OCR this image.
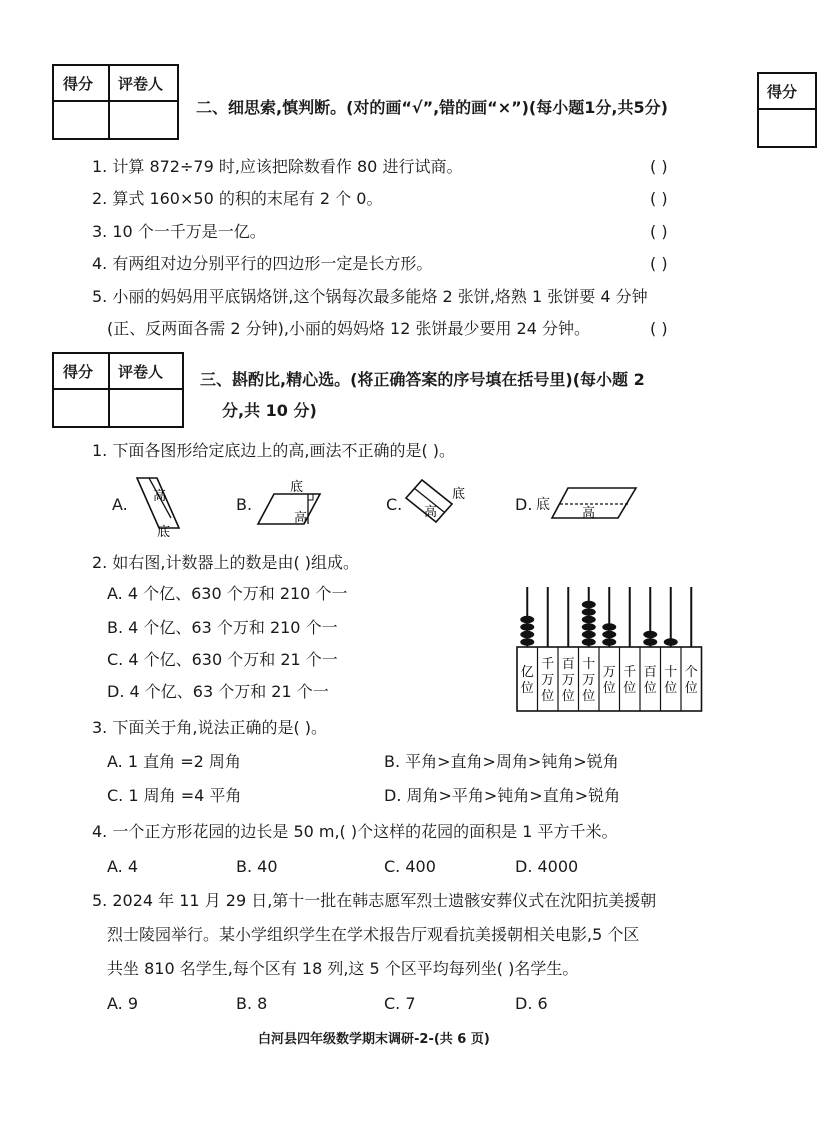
得分 评卷人	得分
二、细思索,慎判断。(对的画“√”,错的画“×”)(每小题1分,共5分)
1. 计算 872÷79 时,应该把除数看作 80 进行试商。	( )
2. 算式 160×50 的积的末尾有 2 个 0。	( )
3. 10 个一千万是一亿。	( )
4. 有两组对边分别平行的四边形一定是长方形。	( )
5. 小丽的妈妈用平底锅烙饼,这个锅每次最多能烙 2 张饼,烙熟 1 张饼要 4 分钟
(正、反两面各需 2 分钟),小丽的妈妈烙 12 张饼最少要用 24 分钟。	( )
得分 评卷人 三、斟酌比,精心选。(将正确答案的序号填在括号里)(每小题 2
分,共 10 分)
1. 下面各图形给定底边上的高,画法不正确的是( )。
A. 高
底
B.
底
高
C. 高
底
D. 底
高
2. 如右图,计数器上的数是由( )组成。
A. 4 个亿、630 个万和 210 个一
B. 4 个亿、63 个万和 210 个一
C. 4 个亿、630 个万和 21 个一
D. 4 个亿、63 个万和 21 个一
亿
位
千
万
位
百
万
位
十
万
位
万
位
千
位
百
位
十
位
个
位
3. 下面关于角,说法正确的是( )。
A. 1 直角 =2 周角	B. 平角>直角>周角>钝角>锐角
C. 1 周角 =4 平角	D. 周角>平角>钝角>直角>锐角
4. 一个正方形花园的边长是 50 m,( )个这样的花园的面积是 1 平方千米。
A. 4	B. 40	C. 400	D. 4000
5. 2024 年 11 月 29 日,第十一批在韩志愿军烈士遗骸安葬仪式在沈阳抗美援朝
烈士陵园举行。某小学组织学生在学术报告厅观看抗美援朝相关电影,5 个区
共坐 810 名学生,每个区有 18 列,这 5 个区平均每列坐( )名学生。
A. 9	B. 8	C. 7	D. 6
白河县四年级数学期末调研-2-(共 6 页)
